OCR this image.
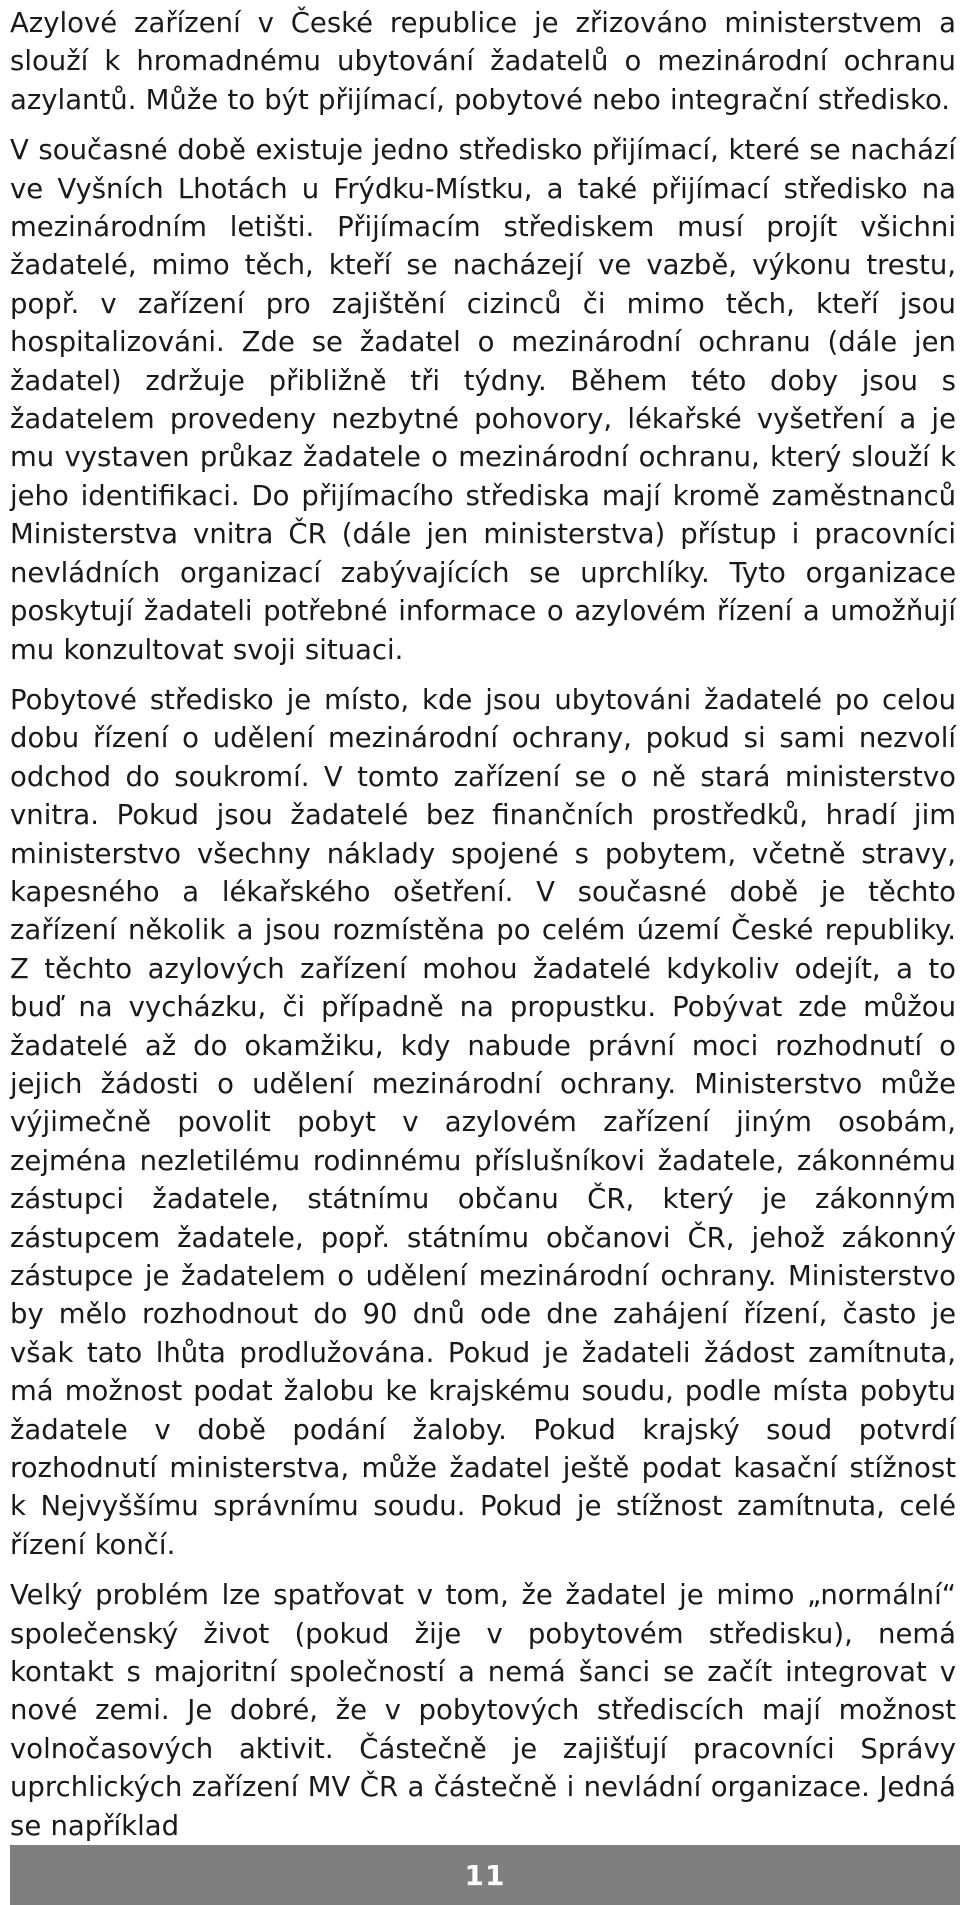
Azylové zařízení v České republice je zřizováno ministerstvem a slouží k hromadnému ubytování žadatelů o mezinárodní ochranu azylantů. Může to být přijímací, pobytové nebo integrační středisko.

V současné době existuje jedno středisko přijímací, které se nachází ve Vyšních Lhotách u Frýdku-Místku, a také přijímací středisko na mezinárodním letišti. Přijímacím střediskem musí projít všichni žadatelé, mimo těch, kteří se nacházejí ve vazbě, výkonu trestu, popř. v zařízení pro zajištění cizinců či mimo těch, kteří jsou hospitalizováni. Zde se žadatel o mezinárodní ochranu (dále jen žadatel) zdržuje přibližně tři týdny. Během této doby jsou s žadatelem provedeny nezbytné pohovory, lékařské vyšetření a je mu vystaven průkaz žadatele o mezinárodní ochranu, který slouží k jeho identifikaci. Do přijímacího střediska mají kromě zaměstnanců Ministerstva vnitra ČR (dále jen ministerstva) přístup i pracovníci nevládních organizací zabývajících se uprchlíky. Tyto organizace poskytují žadateli potřebné informace o azylovém řízení a umožňují mu konzultovat svoji situaci.

Pobytové středisko je místo, kde jsou ubytováni žadatelé po celou dobu řízení o udělení mezinárodní ochrany, pokud si sami nezvolí odchod do soukromí. V tomto zařízení se o ně stará ministerstvo vnitra. Pokud jsou žadatelé bez finančních prostředků, hradí jim ministerstvo všechny náklady spojené s pobytem, včetně stravy, kapesného a lékařského ošetření. V současné době je těchto zařízení několik a jsou rozmístěna po celém území České republiky. Z těchto azylových zařízení mohou žadatelé kdykoliv odejít, a to buď na vycházku, či případně na propustku. Pobývat zde můžou žadatelé až do okamžiku, kdy nabude právní moci rozhodnutí o jejich žádosti o udělení mezinárodní ochrany. Ministerstvo může výjimečně povolit pobyt v azylovém zařízení jiným osobám, zejména nezletilému rodinnému příslušníkovi žadatele, zákonnému zástupci žadatele, státnímu občanu ČR, který je zákonným zástupcem žadatele, popř. státnímu občanovi ČR, jehož zákonný zástupce je žadatelem o udělení mezinárodní ochrany. Ministerstvo by mělo rozhodnout do 90 dnů ode dne zahájení řízení, často je však tato lhůta prodlužována. Pokud je žadateli žádost zamítnuta, má možnost podat žalobu ke krajskému soudu, podle místa pobytu žadatele v době podání žaloby. Pokud krajský soud potvrdí rozhodnutí ministerstva, může žadatel ještě podat kasační stížnost k Nejvyššímu správnímu soudu. Pokud je stížnost zamítnuta, celé řízení končí.

Velký problém lze spatřovat v tom, že žadatel je mimo „normální“ společenský život (pokud žije v pobytovém středisku), nemá kontakt s majoritní společností a nemá šanci se začít integrovat v nové zemi. Je dobré, že v pobytových střediscích mají možnost volnočasových aktivit. Částečně je zajišťují pracovníci Správy uprchlických zařízení MV ČR a částečně i nevládní organizace. Jedná se například

11
